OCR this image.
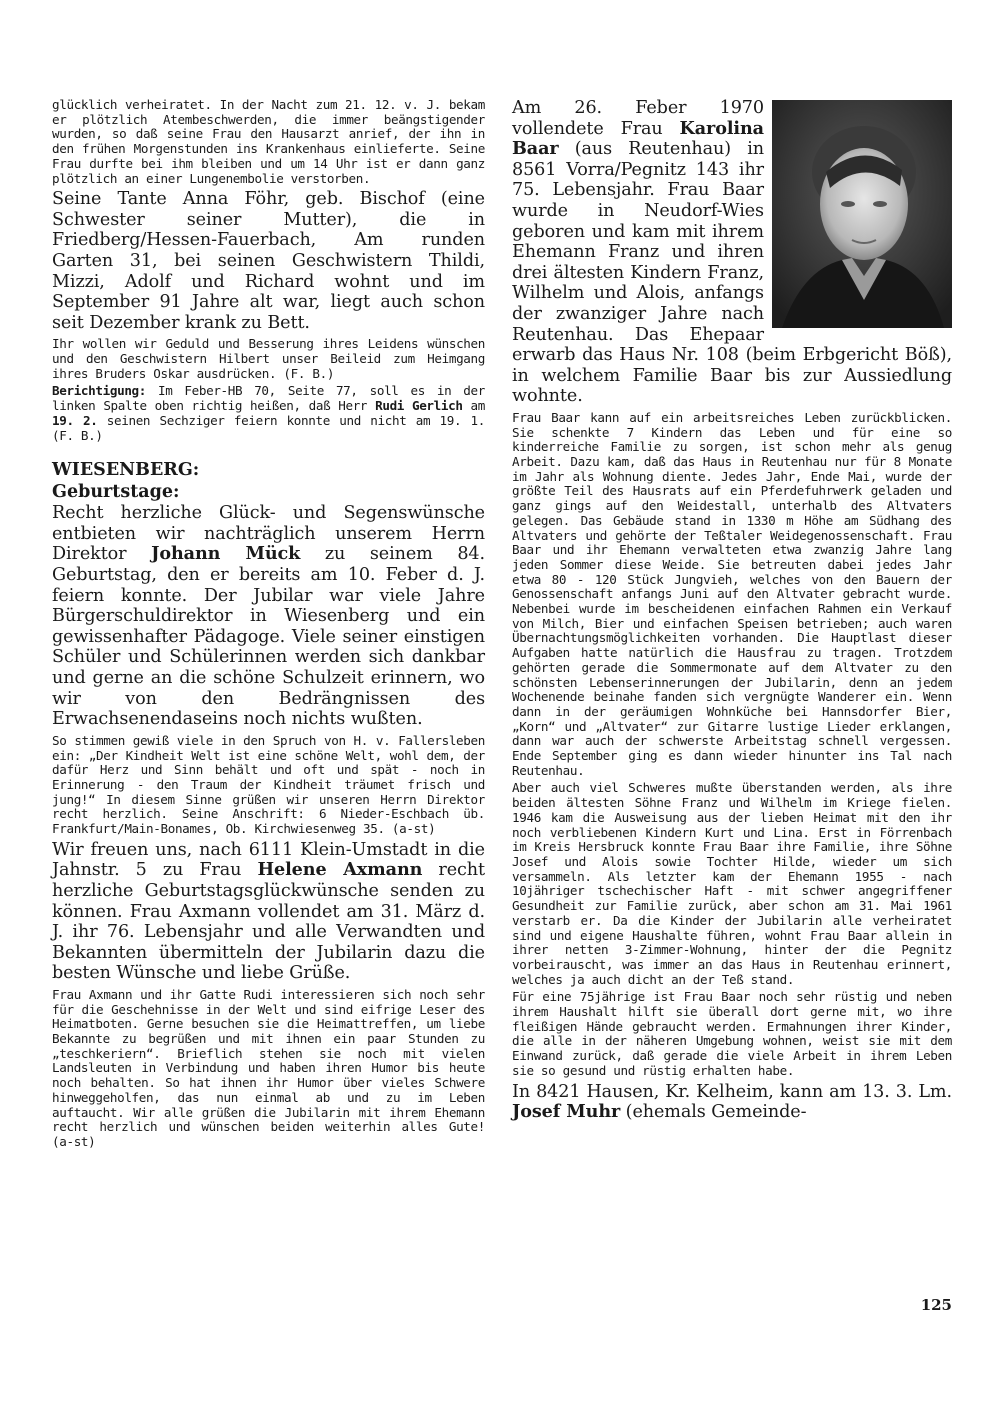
glücklich verheiratet. In der Nacht zum 21. 12. v. J. bekam er plötzlich Atembeschwerden, die immer beängstigender wurden, so daß seine Frau den Hausarzt anrief, der ihn in den frühen Morgenstunden ins Krankenhaus einlieferte. Seine Frau durfte bei ihm bleiben und um 14 Uhr ist er dann ganz plötzlich an einer Lungenembolie verstorben.

Seine Tante Anna Föhr, geb. Bischof (eine Schwester seiner Mutter), die in Friedberg/Hessen-Fauerbach, Am runden Garten 31, bei seinen Geschwistern Thildi, Mizzi, Adolf und Richard wohnt und im September 91 Jahre alt war, liegt auch schon seit Dezember krank zu Bett.

Ihr wollen wir Geduld und Besserung ihres Leidens wünschen und den Geschwistern Hilbert unser Beileid zum Heimgang ihres Bruders Oskar ausdrücken. (F. B.)

Berichtigung: Im Feber-HB 70, Seite 77, soll es in der linken Spalte oben richtig heißen, daß Herr Rudi Gerlich am 19. 2. seinen Sechziger feiern konnte und nicht am 19. 1. (F. B.)

WIESENBERG:
Geburtstage:

Recht herzliche Glück- und Segenswünsche entbieten wir nachträglich unserem Herrn Direktor Johann Mück zu seinem 84. Geburtstag, den er bereits am 10. Feber d. J. feiern konnte. Der Jubilar war viele Jahre Bürgerschuldirektor in Wiesenberg und ein gewissenhafter Pädagoge. Viele seiner einstigen Schüler und Schülerinnen werden sich dankbar und gerne an die schöne Schulzeit erinnern, wo wir von den Bedrängnissen des Erwachsenendaseins noch nichts wußten.

So stimmen gewiß viele in den Spruch von H. v. Fallersleben ein: „Der Kindheit Welt ist eine schöne Welt, wohl dem, der dafür Herz und Sinn behält und oft und spät - noch in Erinnerung - den Traum der Kindheit träumet frisch und jung!“ In diesem Sinne grüßen wir unseren Herrn Direktor recht herzlich. Seine Anschrift: 6 Nieder-Eschbach üb. Frankfurt/Main-Bonames, Ob. Kirchwiesenweg 35. (a-st)

Wir freuen uns, nach 6111 Klein-Umstadt in die Jahnstr. 5 zu Frau Helene Axmann recht herzliche Geburtstagsglückwünsche senden zu können. Frau Axmann vollendet am 31. März d. J. ihr 76. Lebensjahr und alle Verwandten und Bekannten übermitteln der Jubilarin dazu die besten Wünsche und liebe Grüße.

Frau Axmann und ihr Gatte Rudi interessieren sich noch sehr für die Geschehnisse in der Welt und sind eifrige Leser des Heimatboten. Gerne besuchen sie die Heimattreffen, um liebe Bekannte zu begrüßen und mit ihnen ein paar Stunden zu „teschkeriern“. Brieflich stehen sie noch mit vielen Landsleuten in Verbindung und haben ihren Humor bis heute noch behalten. So hat ihnen ihr Humor über vieles Schwere hinweggeholfen, das nun einmal ab und zu im Leben auftaucht. Wir alle grüßen die Jubilarin mit ihrem Ehemann recht herzlich und wünschen beiden weiterhin alles Gute! (a-st)

Am 26. Feber 1970 vollendete Frau Karolina Baar (aus Reutenhau) in 8561 Vorra/Pegnitz 143 ihr 75. Lebensjahr. Frau Baar wurde in Neudorf-Wies geboren und kam mit ihrem Ehemann Franz und ihren drei ältesten Kindern Franz, Wilhelm und Alois, anfangs der zwanziger Jahre nach Reutenhau. Das Ehepaar erwarb das Haus Nr. 108 (beim Erbgericht Böß), in welchem Familie Baar bis zur Aussiedlung wohnte.

Frau Baar kann auf ein arbeitsreiches Leben zurückblicken. Sie schenkte 7 Kindern das Leben und für eine so kinderreiche Familie zu sorgen, ist schon mehr als genug Arbeit. Dazu kam, daß das Haus in Reutenhau nur für 8 Monate im Jahr als Wohnung diente. Jedes Jahr, Ende Mai, wurde der größte Teil des Hausrats auf ein Pferdefuhrwerk geladen und ganz gings auf den Weidestall, unterhalb des Altvaters gelegen. Das Gebäude stand in 1330 m Höhe am Südhang des Altvaters und gehörte der Teßtaler Weidegenossenschaft. Frau Baar und ihr Ehemann verwalteten etwa zwanzig Jahre lang jeden Sommer diese Weide. Sie betreuten dabei jedes Jahr etwa 80 - 120 Stück Jungvieh, welches von den Bauern der Genossenschaft anfangs Juni auf den Altvater gebracht wurde. Nebenbei wurde im bescheidenen einfachen Rahmen ein Verkauf von Milch, Bier und einfachen Speisen betrieben; auch waren Übernachtungsmöglichkeiten vorhanden. Die Hauptlast dieser Aufgaben hatte natürlich die Hausfrau zu tragen. Trotzdem gehörten gerade die Sommermonate auf dem Altvater zu den schönsten Lebenserinnerungen der Jubilarin, denn an jedem Wochenende beinahe fanden sich vergnügte Wanderer ein. Wenn dann in der geräumigen Wohnküche bei Hannsdorfer Bier, „Korn“ und „Altvater“ zur Gitarre lustige Lieder erklangen, dann war auch der schwerste Arbeitstag schnell vergessen. Ende September ging es dann wieder hinunter ins Tal nach Reutenhau.

Aber auch viel Schweres mußte überstanden werden, als ihre beiden ältesten Söhne Franz und Wilhelm im Kriege fielen. 1946 kam die Ausweisung aus der lieben Heimat mit den ihr noch verbliebenen Kindern Kurt und Lina. Erst in Förrenbach im Kreis Hersbruck konnte Frau Baar ihre Familie, ihre Söhne Josef und Alois sowie Tochter Hilde, wieder um sich versammeln. Als letzter kam der Ehemann 1955 - nach 10jähriger tschechischer Haft - mit schwer angegriffener Gesundheit zur Familie zurück, aber schon am 31. Mai 1961 verstarb er. Da die Kinder der Jubilarin alle verheiratet sind und eigene Haushalte führen, wohnt Frau Baar allein in ihrer netten 3-Zimmer-Wohnung, hinter der die Pegnitz vorbeirauscht, was immer an das Haus in Reutenhau erinnert, welches ja auch dicht an der Teß stand.

Für eine 75jährige ist Frau Baar noch sehr rüstig und neben ihrem Haushalt hilft sie überall dort gerne mit, wo ihre fleißigen Hände gebraucht werden. Ermahnungen ihrer Kinder, die alle in der näheren Umgebung wohnen, weist sie mit dem Einwand zurück, daß gerade die viele Arbeit in ihrem Leben sie so gesund und rüstig erhalten habe.

In 8421 Hausen, Kr. Kelheim, kann am 13. 3. Lm. Josef Muhr (ehemals Gemeinde-

125
